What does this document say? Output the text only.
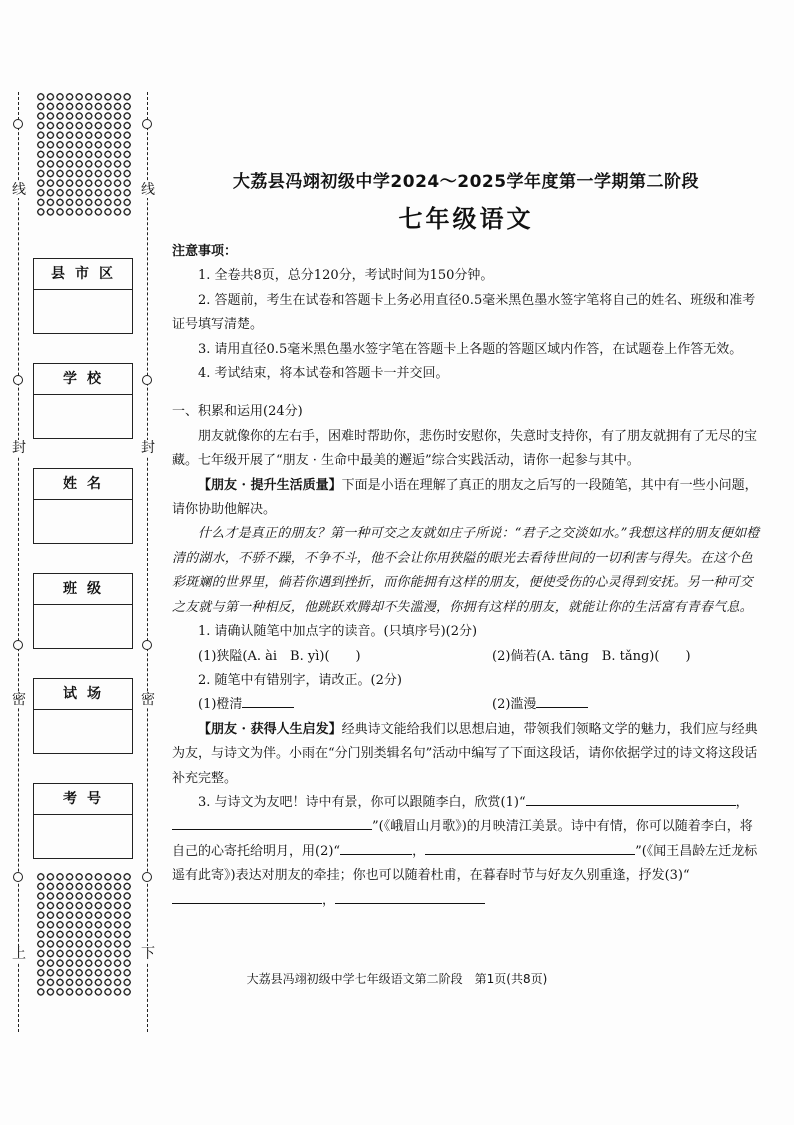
线	线
封	封
密	密
上	下
县市区
学校
姓名
班级
试场
考号
大荔县冯翊初级中学2024～2025学年度第一学期第二阶段
七年级语文

注意事项：

1. 全卷共8页，总分120分，考试时间为150分钟。

2. 答题前，考生在试卷和答题卡上务必用直径0.5毫米黑色墨水签字笔将自己的姓名、班级和准考证号填写清楚。

3. 请用直径0.5毫米黑色墨水签字笔在答题卡上各题的答题区域内作答，在试题卷上作答无效。

4. 考试结束，将本试卷和答题卡一并交回。

一、积累和运用(24分)

朋友就像你的左右手，困难时帮助你，悲伤时安慰你，失意时支持你，有了朋友就拥有了无尽的宝藏。七年级开展了“朋友 · 生命中最美的邂逅”综合实践活动，请你一起参与其中。

【朋友 · 提升生活质量】下面是小语在理解了真正的朋友之后写的一段随笔，其中有一些小问题，请你协助他解决。

什么才是真正的朋友？第一种可交之友就如庄子所说：“君子之交淡如水。”我想这样的朋友便如橙清的湖水，不骄不躁，不争不斗，他不会让你用狭隘的眼光去看待世间的一切利害与得失。在这个色彩斑斓的世界里，倘若你遇到挫折，而你能拥有这样的朋友，便使受伤的心灵得到安抚。另一种可交之友就与第一种相反，他跳跃欢腾却不失滥漫，你拥有这样的朋友，就能让你的生活富有青春气息。

1. 请确认随笔中加点字的读音。(只填序号)(2分)

(1)狭隘(A. ài　B. yì)(　　)	(2)倘若(A. tāng　B. tǎng)(　　)

2. 随笔中有错别字，请改正。(2分)

(1)橙清	(2)滥漫

【朋友 · 获得人生启发】经典诗文能给我们以思想启迪，带领我们领略文学的魅力，我们应与经典为友，与诗文为伴。小雨在“分门别类辑名句”活动中编写了下面这段话，请你依据学过的诗文将这段话补充完整。

3. 与诗文为友吧！诗中有景，你可以跟随李白，欣赏(1)“	，”(《峨眉山月歌》)的月映清江美景。诗中有情，你可以随着李白，将自己的心寄托给明月，用(2)“	，	”(《闻王昌龄左迁龙标遥有此寄》)表达对朋友的牵挂；你也可以随着杜甫，在暮春时节与好友久别重逢，抒发(3)“，

大荔县冯翊初级中学七年级语文第二阶段　第1页(共8页)
